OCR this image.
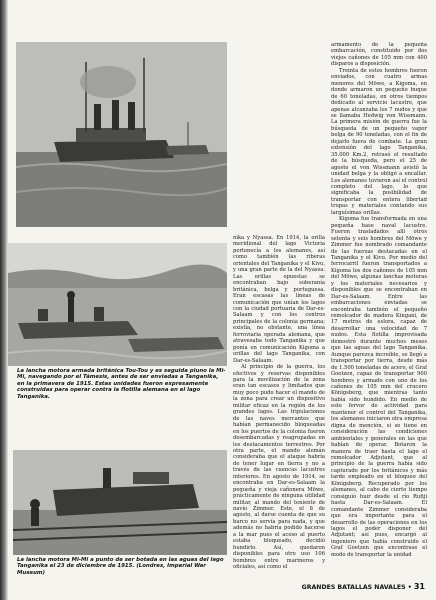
La lancha motora armada británica Tou-Tou y es seguida pluno la Mi-Mi, navegando por el Támesis, antes de ser enviadas a Tanganika, en la primavera de 1915. Estas unidades fueron expresamente construidas para operar contra la flotilla alemana en el lago Tanganika.

La lancha motora Mi-Mi a punto de ser botada en las aguas del lago Tanganika el 23 de diciembre de 1915. (Londres, Imperial War Museum)

nika y Nyassa. En 1914, la orilla meridional del lago Victoria pertenecía a los alemanes, así como también las riberas orientales del Tanganika y el Kivu, y una gran parte de la del Nyassa. Las orillas opuestas se encontraban bajo soberanía británica, belga y portuguesa. Eran escasas las líneas de comunicación que unían los lagos con la ciudad portuaria de Dar-es-Salaam y con los centros principales de la colonia germana; existía, no obstante, una línea ferroviaria operada alemana, que atravesaba todo Tanganika y que ponía en comunicación Kigoma a orillas del lago Tanganika, con Dar-es-Salaam.

Al principio de la guerra, los efectivos y reservas disponibles para la movilización de la zona eran tan escasos y limitados que muy poco pudo hacer el mando de la zona para crear un dispositivo militar eficaz en la región de los grandes lagos. Las tripulaciones de las naves mercantes que habían permanecido bloqueadas en los puertos de la colonia fueron desembarcadas y reagrupadas en los destacamentos terrestres. Por otra parte, el mando alemán consideraba que el ataque habría de tener lugar en tierra y no a través de las cuencas lacustres interiores. En agosto de 1914, se encontraba en Dar-es-Salaam la pequeña y vieja cañonera Möwe, prácticamente de ninguna utilidad militar, al mando del teniente de navío Zimmer. Este, el 8 de agosto, al darse cuenta de que su barco no servía para nada, y que además no habría podido hacerse a la mar pues el acoso al puerto estaba bloqueado, decidió hundirlo. Así, quedaron disponibles para otro uso 106 hombres entre marineros y oficiales, así como el

armamento de la pequeña embarcación, constituido por dos viejos cañones de 105 mm con 400 disparos a disposición.

Treinta de estos hombres fueron enviados, con cuatro armas menores del Möwe, a Kigoma, en donde armaron un pequeño buque de 60 toneladas, en otros tiempos dedicado al servicio lacustre, que apenas alcanzaba los 7 nudos y que se llamaba Hedwig von Wissmann. La primera misión de guerra fue la búsqueda de un pequeño vapor belga de 90 toneladas, con el fin de dejarlo fuera de combate. La gran extensión del lago Tanganika, 35.000 Km.2, retrasó el resultado de la búsqueda, pero el 25 de agosto el von Wissmann avistó la unidad belga y la obligó a encallar. Los alemanes tuvieron así el control completo del lago, lo que significaba la posibilidad de transportar con entera libertad tropas y materiales contando sus larguísimas orillas.

Kigoma fue transformada en una pequeña base naval lacustre. Fueron trasladados allí otros setenta y seis hombres del Möwe y Zimmer fue nombrado comandante de las fuerzas destacadas en el Tanganika y el Kivu. Por medio del ferrocarril fueron transportados a Kigoma los dos cañones de 105 mm del Möwe, algunas lanchas motoras y los materiales necesarios y disponibles que se encontraban en Dar-es-Salaam. Entre las embarcaciones enviadas se encontraba también el pequeño remolcador de madera Kingani, de 17 metros de eslora, capaz de desarrollar una velocidad de 7 nudos. Esta flotilla improvisada demostró durante muchos meses que las aguas del lago Tanganika. Aunque parezca increíble, se llegó a transportar por tierra, desde más de 1.500 toneladas de acero, el Graf Goetzen, capaz de transportar 900 hombres y armado con uno de los cañones de 105 mm del crucero Königsberg, que mientras tanto había sido hundido. En medio de este fervor de actividad para mantener el control del Tanganika, los alemanes iniciaron otra empresa digna de mención, si se tiene en consideración las condiciones ambientales y generales en las que habían de operar. Botaron la manera de traer hasta el lago el remolcador Adjutant, que al principio de la guerra había sido capturado por los británicos y más tarde empleado en el bloqueo del Königsberg. Recuperado por los alemanes, al cabo de cierto tiempo consiguió huir desde el río Rufiji hasta Dar-es-Salaam. El comandante Zimmer consideraba que era importante para el desarrollo de las operaciones en los lagos el poder disponer del Adjutant; así pues, encargó al ingeniero que había construido el Graf Goetzen que encontrase el modo de transportar la unidad

GRANDES BATALLAS NAVALES • 31
